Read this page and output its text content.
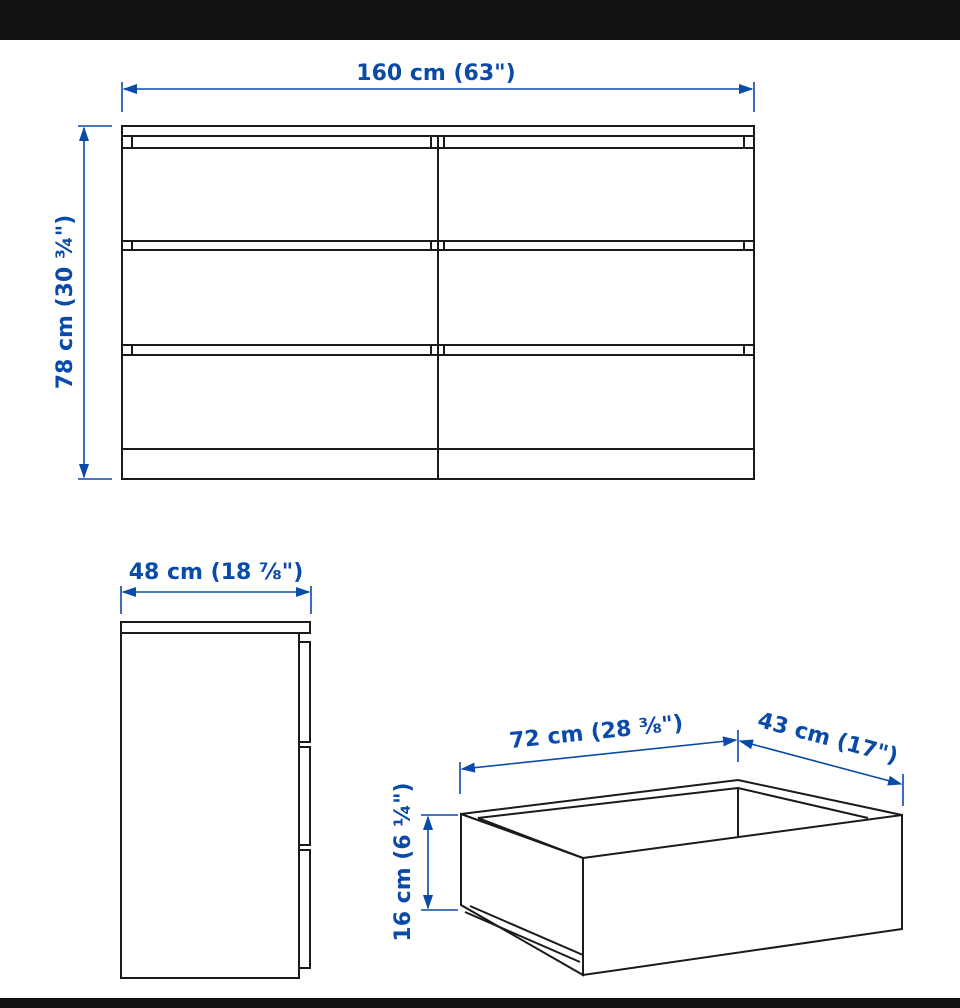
160 cm (63")
78 cm (30 ¾")
48 cm (18 ⅞")
72 cm (28 ⅜")	43 cm (17")
16 cm (6 ¼")
